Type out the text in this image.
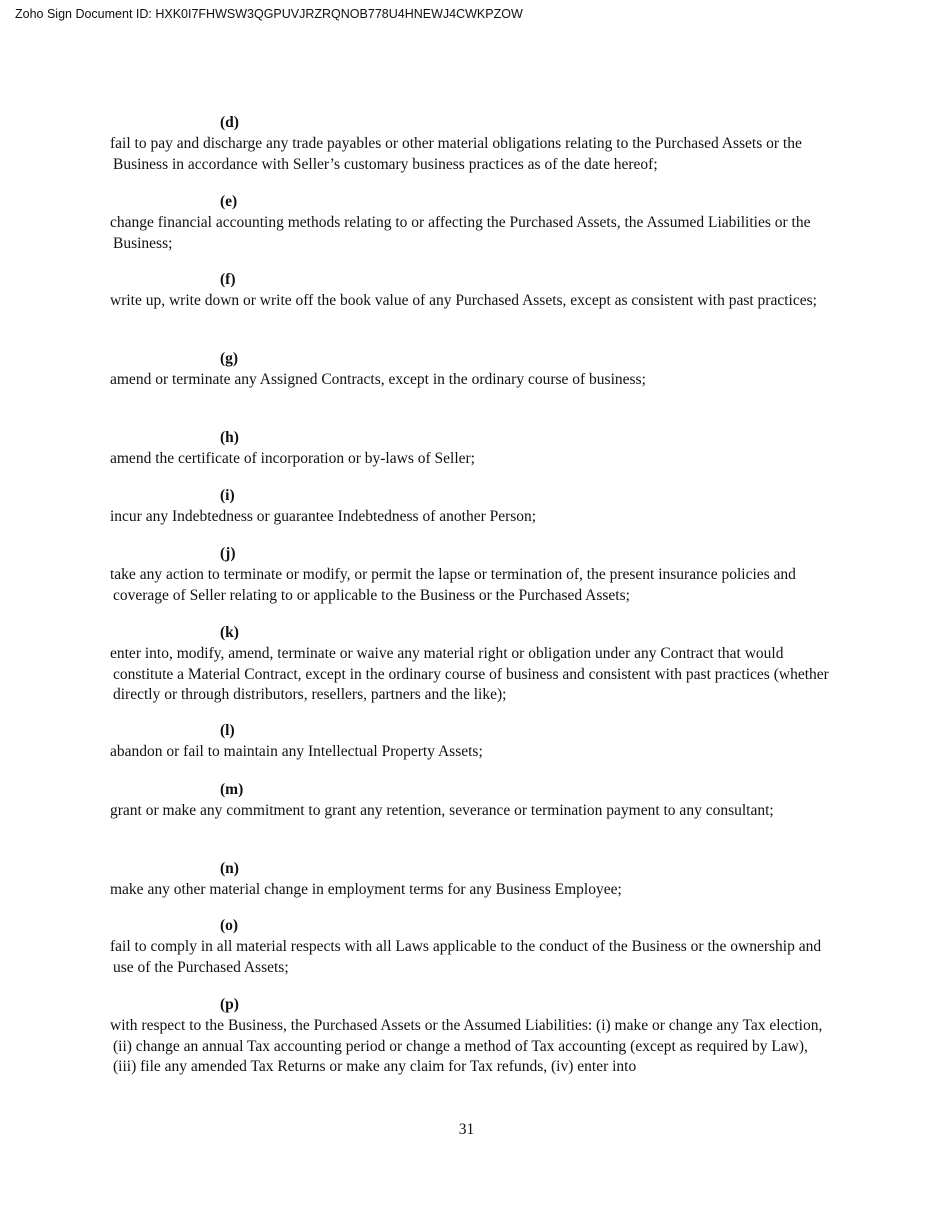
Zoho Sign Document ID: HXK0I7FHWSW3QGPUVJRZRQNOB778U4HNEWJ4CWKPZOW
(d)
fail to pay and discharge any trade payables or other material obligations relating to the Purchased Assets or the Business in accordance with Seller’s customary business practices as of the date hereof;
(e)
change financial accounting methods relating to or affecting the Purchased Assets, the Assumed Liabilities or the Business;
(f)
write up, write down or write off the book value of any Purchased Assets, except as consistent with past practices;
(g)
amend or terminate any Assigned Contracts, except in the ordinary course of business;
(h)
amend the certificate of incorporation or by-laws of Seller;
(i)
incur any Indebtedness or guarantee Indebtedness of another Person;
(j)
take any action to terminate or modify, or permit the lapse or termination of, the present insurance policies and coverage of Seller relating to or applicable to the Business or the Purchased Assets;
(k)
enter into, modify, amend, terminate or waive any material right or obligation under any Contract that would constitute a Material Contract, except in the ordinary course of business and consistent with past practices (whether directly or through distributors, resellers, partners and the like);
(l)
abandon or fail to maintain any Intellectual Property Assets;
(m)
grant or make any commitment to grant any retention, severance or termination payment to any consultant;
(n)
make any other material change in employment terms for any Business Employee;
(o)
fail to comply in all material respects with all Laws applicable to the conduct of the Business or the ownership and use of the Purchased Assets;
(p)
with respect to the Business, the Purchased Assets or the Assumed Liabilities: (i) make or change any Tax election, (ii) change an annual Tax accounting period or change a method of Tax accounting (except as required by Law), (iii) file any amended Tax Returns or make any claim for Tax refunds, (iv) enter into
31
